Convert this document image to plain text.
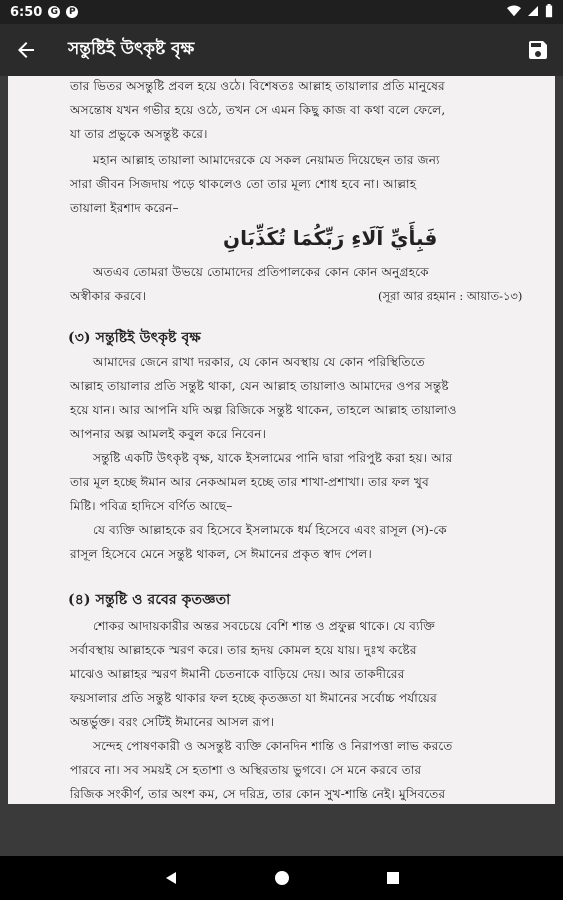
6:50 G P
সন্তুষ্টিই উৎকৃষ্ট বৃক্ষ
তার ভিতর অসন্তুষ্টি প্রবল হয়ে ওঠে। বিশেষতঃ আল্লাহ তায়ালার প্রতি মানুষের
অসন্তোষ যখন গভীর হয়ে ওঠে, তখন সে এমন কিছু কাজ বা কথা বলে ফেলে,
যা তার প্রভুকে অসন্তুষ্ট করে।
মহান আল্লাহ তায়ালা আমাদেরকে যে সকল নেয়ামত দিয়েছেন তার জন্য
সারা জীবন সিজদায় পড়ে থাকলেও তো তার মূল্য শোধ হবে না। আল্লাহ
তায়ালা ইরশাদ করেন–
فَبِأَيِّ آلَاءِ رَبِّكُمَا تُكَذِّبَانِ
অতএব তোমরা উভয়ে তোমাদের প্রতিপালকের কোন কোন অনুগ্রহকে
অস্বীকার করবে।	(সূরা আর রহমান : আয়াত-১৩)
(৩) সন্তুষ্টিই উৎকৃষ্ট বৃক্ষ
আমাদের জেনে রাখা দরকার, যে কোন অবস্থায় যে কোন পরিস্থিতিতে
আল্লাহ তায়ালার প্রতি সন্তুষ্ট থাকা, যেন আল্লাহ তায়ালাও আমাদের ওপর সন্তুষ্ট
হয়ে যান। আর আপনি যদি অল্প রিজিকে সন্তুষ্ট থাকেন, তাহলে আল্লাহ তায়ালাও
আপনার অল্প আমলই কবুল করে নিবেন।
সন্তুষ্টি একটি উৎকৃষ্ট বৃক্ষ, যাকে ইসলামের পানি দ্বারা পরিপুষ্ট করা হয়। আর
তার মূল হচ্ছে ঈমান আর নেকআমল হচ্ছে তার শাখা-প্রশাখা। তার ফল খুব
মিষ্টি। পবিত্র হাদিসে বর্ণিত আছে–
যে ব্যক্তি আল্লাহকে রব হিসেবে ইসলামকে ধর্ম হিসেবে এবং রাসূল (স)-কে
রাসূল হিসেবে মেনে সন্তুষ্ট থাকল, সে ঈমানের প্রকৃত স্বাদ পেল।
(৪) সন্তুষ্টি ও রবের কৃতজ্ঞতা
শোকর আদায়কারীর অন্তর সবচেয়ে বেশি শান্ত ও প্রফুল্ল থাকে। যে ব্যক্তি
সর্বাবস্থায় আল্লাহকে স্মরণ করে। তার হৃদয় কোমল হয়ে যায়। দুঃখ কষ্টের
মাঝেও আল্লাহর স্মরণ ঈমানী চেতনাকে বাড়িয়ে দেয়। আর তাকদীরের
ফয়সালার প্রতি সন্তুষ্ট থাকার ফল হচ্ছে কৃতজ্ঞতা যা ঈমানের সর্বোচ্চ পর্যায়ের
অন্তর্ভুক্ত। বরং সেটিই ঈমানের আসল রূপ।
সন্দেহ পোষণকারী ও অসন্তুষ্ট ব্যক্তি কোনদিন শান্তি ও নিরাপত্তা লাভ করতে
পারবে না। সব সময়ই সে হতাশা ও অস্থিরতায় ভুগবে। সে মনে করবে তার
রিজিক সংকীর্ণ, তার অংশ কম, সে দরিদ্র, তার কোন সুখ-শান্তি নেই। মুসিবতের
